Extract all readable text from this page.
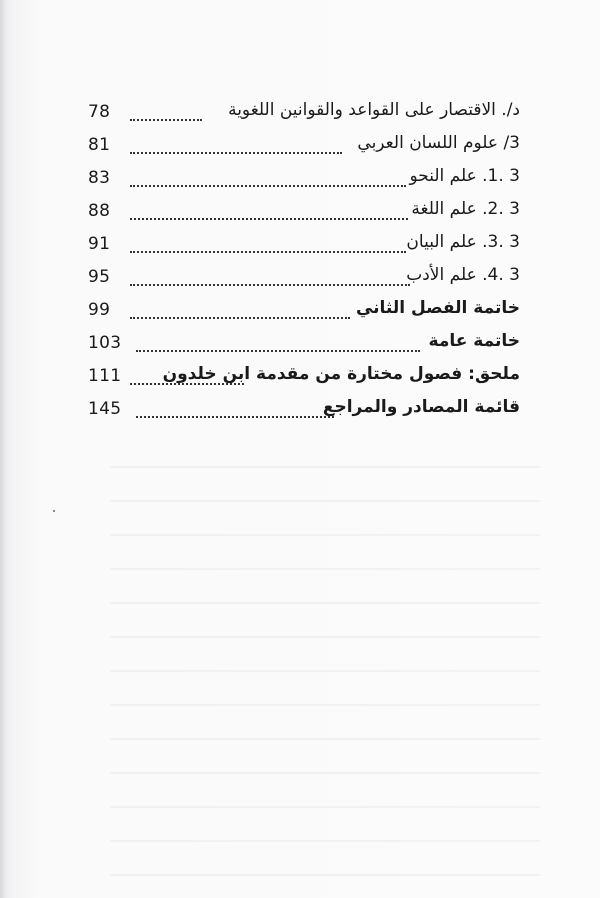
78	د/. الاقتصار على القواعد والقوانين اللغوية
81	3/ علوم اللسان العربي
83	3 .1. علم النحو
88	3 .2. علم اللغة
91	3 .3. علم البيان
95	3 .4. علم الأدب
99	خاتمة الفصل الثاني
103	خاتمة عامة
111 ملحق: فصول مختارة من مقدمة ابن خلدون
145	قائمة المصادر والمراجع
